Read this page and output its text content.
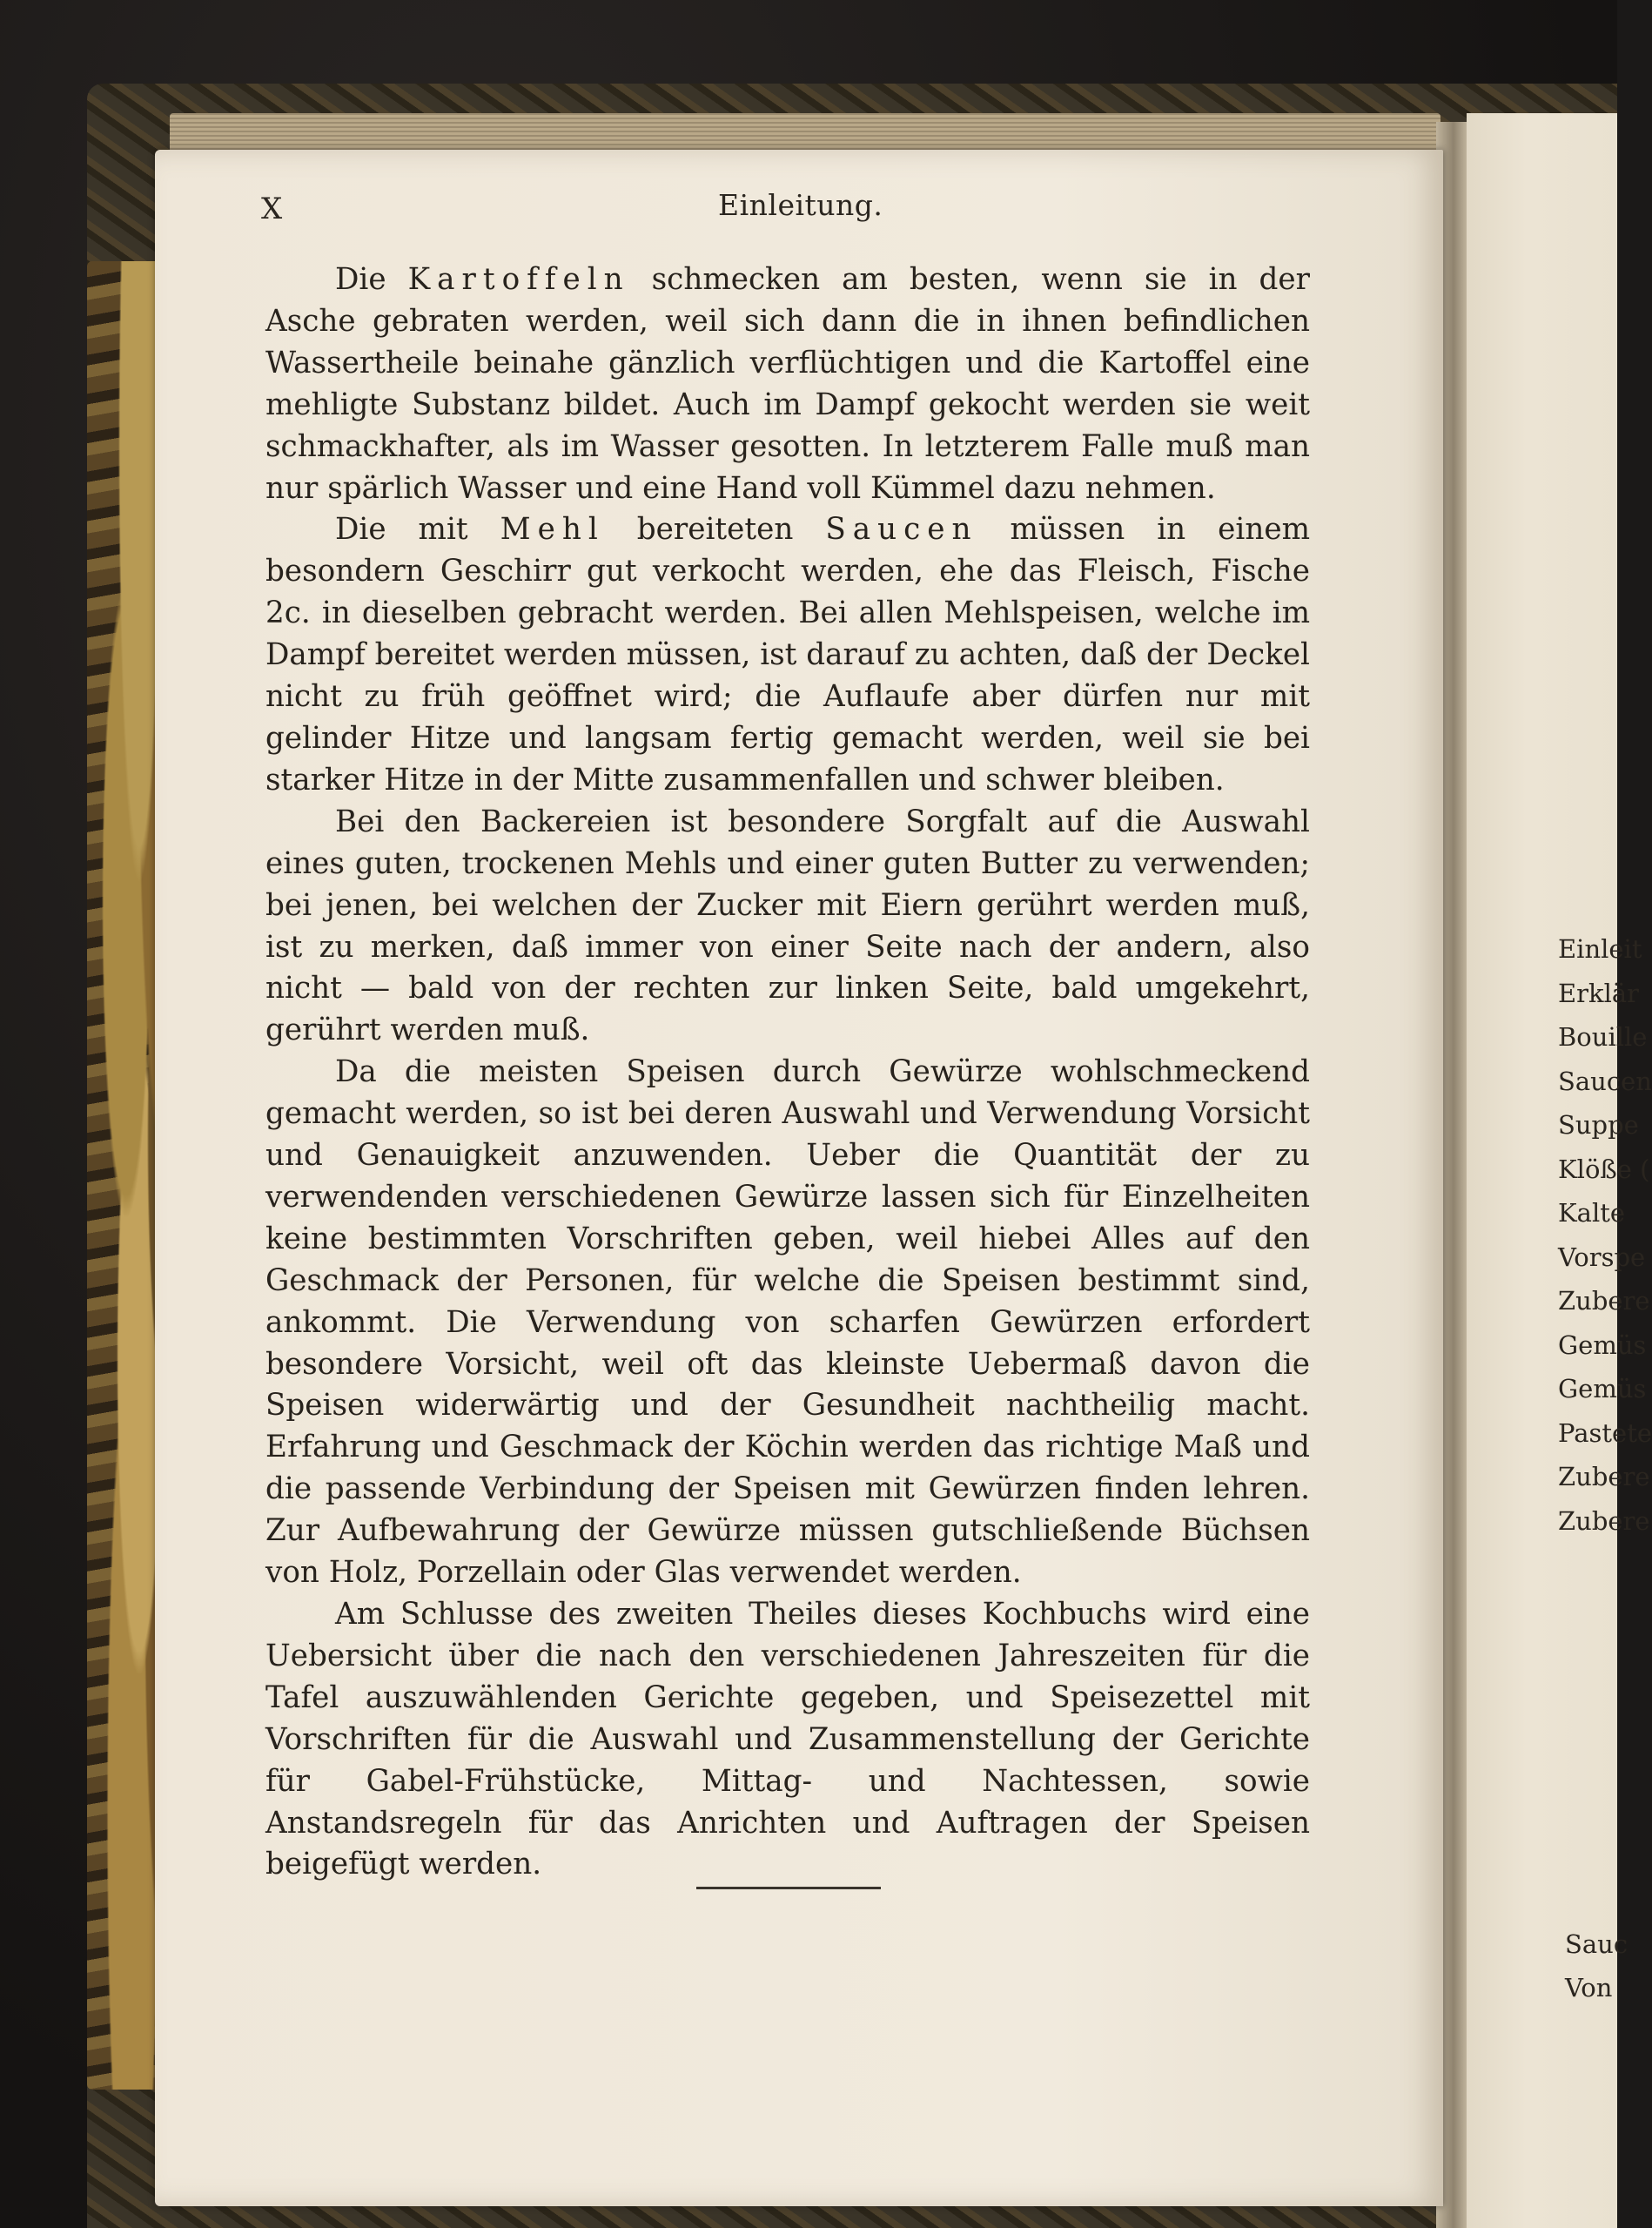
Einleit
Erklär
Bouille
Saucen
Suppe
Klöße (
Kalte
Vorspe
Zubere
Gemüs
Gemüs
Pastete
Zubere
Zubere
Sauc
Von
X	Einleitung.

Die Kartoffeln schmecken am besten, wenn sie in der Asche gebraten werden, weil sich dann die in ihnen befindlichen Wassertheile beinahe gänzlich verflüchtigen und die Kartoffel eine mehligte Substanz bildet. Auch im Dampf gekocht werden sie weit schmackhafter, als im Wasser gesotten. In letzterem Falle muß man nur spärlich Wasser und eine Hand voll Kümmel dazu nehmen.

Die mit Mehl bereiteten Saucen müssen in einem besondern Geschirr gut verkocht werden, ehe das Fleisch, Fische 2c. in dieselben gebracht werden. Bei allen Mehlspeisen, welche im Dampf bereitet werden müssen, ist darauf zu achten, daß der Deckel nicht zu früh geöffnet wird; die Auflaufe aber dürfen nur mit gelinder Hitze und langsam fertig gemacht werden, weil sie bei starker Hitze in der Mitte zusammenfallen und schwer bleiben.

Bei den Backereien ist besondere Sorgfalt auf die Auswahl eines guten, trockenen Mehls und einer guten Butter zu verwenden; bei jenen, bei welchen der Zucker mit Eiern gerührt werden muß, ist zu merken, daß immer von einer Seite nach der andern, also nicht — bald von der rechten zur linken Seite, bald umgekehrt, gerührt werden muß.

Da die meisten Speisen durch Gewürze wohlschmeckend gemacht werden, so ist bei deren Auswahl und Verwendung Vorsicht und Genauigkeit anzuwenden. Ueber die Quantität der zu verwendenden verschiedenen Gewürze lassen sich für Einzelheiten keine bestimmten Vorschriften geben, weil hiebei Alles auf den Geschmack der Personen, für welche die Speisen bestimmt sind, ankommt. Die Verwendung von scharfen Gewürzen erfordert besondere Vorsicht, weil oft das kleinste Uebermaß davon die Speisen widerwärtig und der Gesundheit nachtheilig macht. Erfahrung und Geschmack der Köchin werden das richtige Maß und die passende Verbindung der Speisen mit Gewürzen finden lehren. Zur Aufbewahrung der Gewürze müssen gutschließende Büchsen von Holz, Porzellain oder Glas verwendet werden.

Am Schlusse des zweiten Theiles dieses Kochbuchs wird eine Uebersicht über die nach den verschiedenen Jahreszeiten für die Tafel auszuwählenden Gerichte gegeben, und Speisezettel mit Vorschriften für die Auswahl und Zusammenstellung der Gerichte für Gabel-Frühstücke, Mittag- und Nachtessen, sowie Anstandsregeln für das Anrichten und Auftragen der Speisen beigefügt werden.
